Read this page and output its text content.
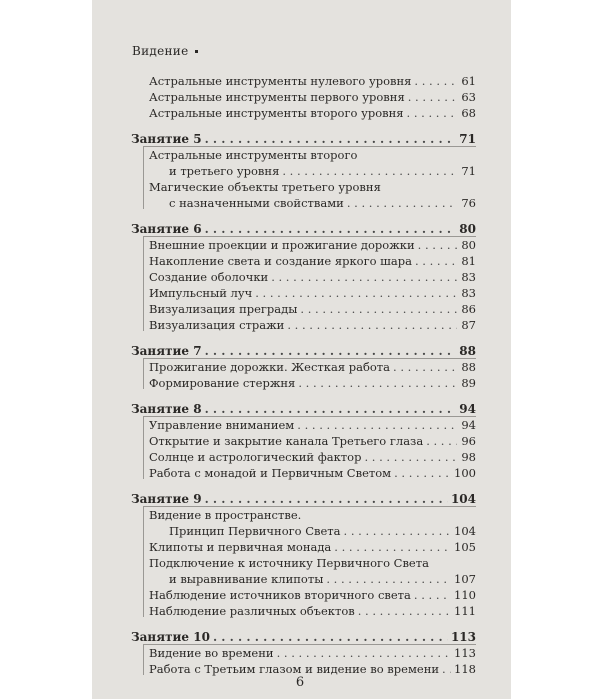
Видение
Астральные инструменты нулевого уровня . . .	61
Астральные инструменты первого уровня . . .	63
Астральные инструменты второго уровня . . .	68
Занятие 5 . . .	71
Астральные инструменты второго
и третьего уровня . . .	71
Магические объекты третьего уровня
с назначенными свойствами . . .	76
Занятие 6 . . .	80
Внешние проекции и прожигание дорожки . . .	80
Накопление света и создание яркого шара . . .	81
Создание оболочки . . .	83
Импульсный луч . . .	83
Визуализация преграды . . .	86
Визуализация стражи . . .	87
Занятие 7 . . .	88
Прожигание дорожки. Жесткая работа . . .	88
Формирование стержня . . .	89
Занятие 8 . . .	94
Управление вниманием . . .	94
Открытие и закрытие канала Третьего глаза . . .	96
Солнце и астрологический фактор . . .	98
Работа с монадой и Первичным Светом . . .	100
Занятие 9 . . .	104
Видение в пространстве.
Принцип Первичного Света . . .	104
Клипоты и первичная монада . . .	105
Подключение к источнику Первичного Света
и выравнивание клипоты . . .	107
Наблюдение источников вторичного света . . .	110
Наблюдение различных объектов . . .	111
Занятие 10 . . .	113
Видение во времени . . .	113
Работа с Третьим глазом и видение во времени . . . 118
6
